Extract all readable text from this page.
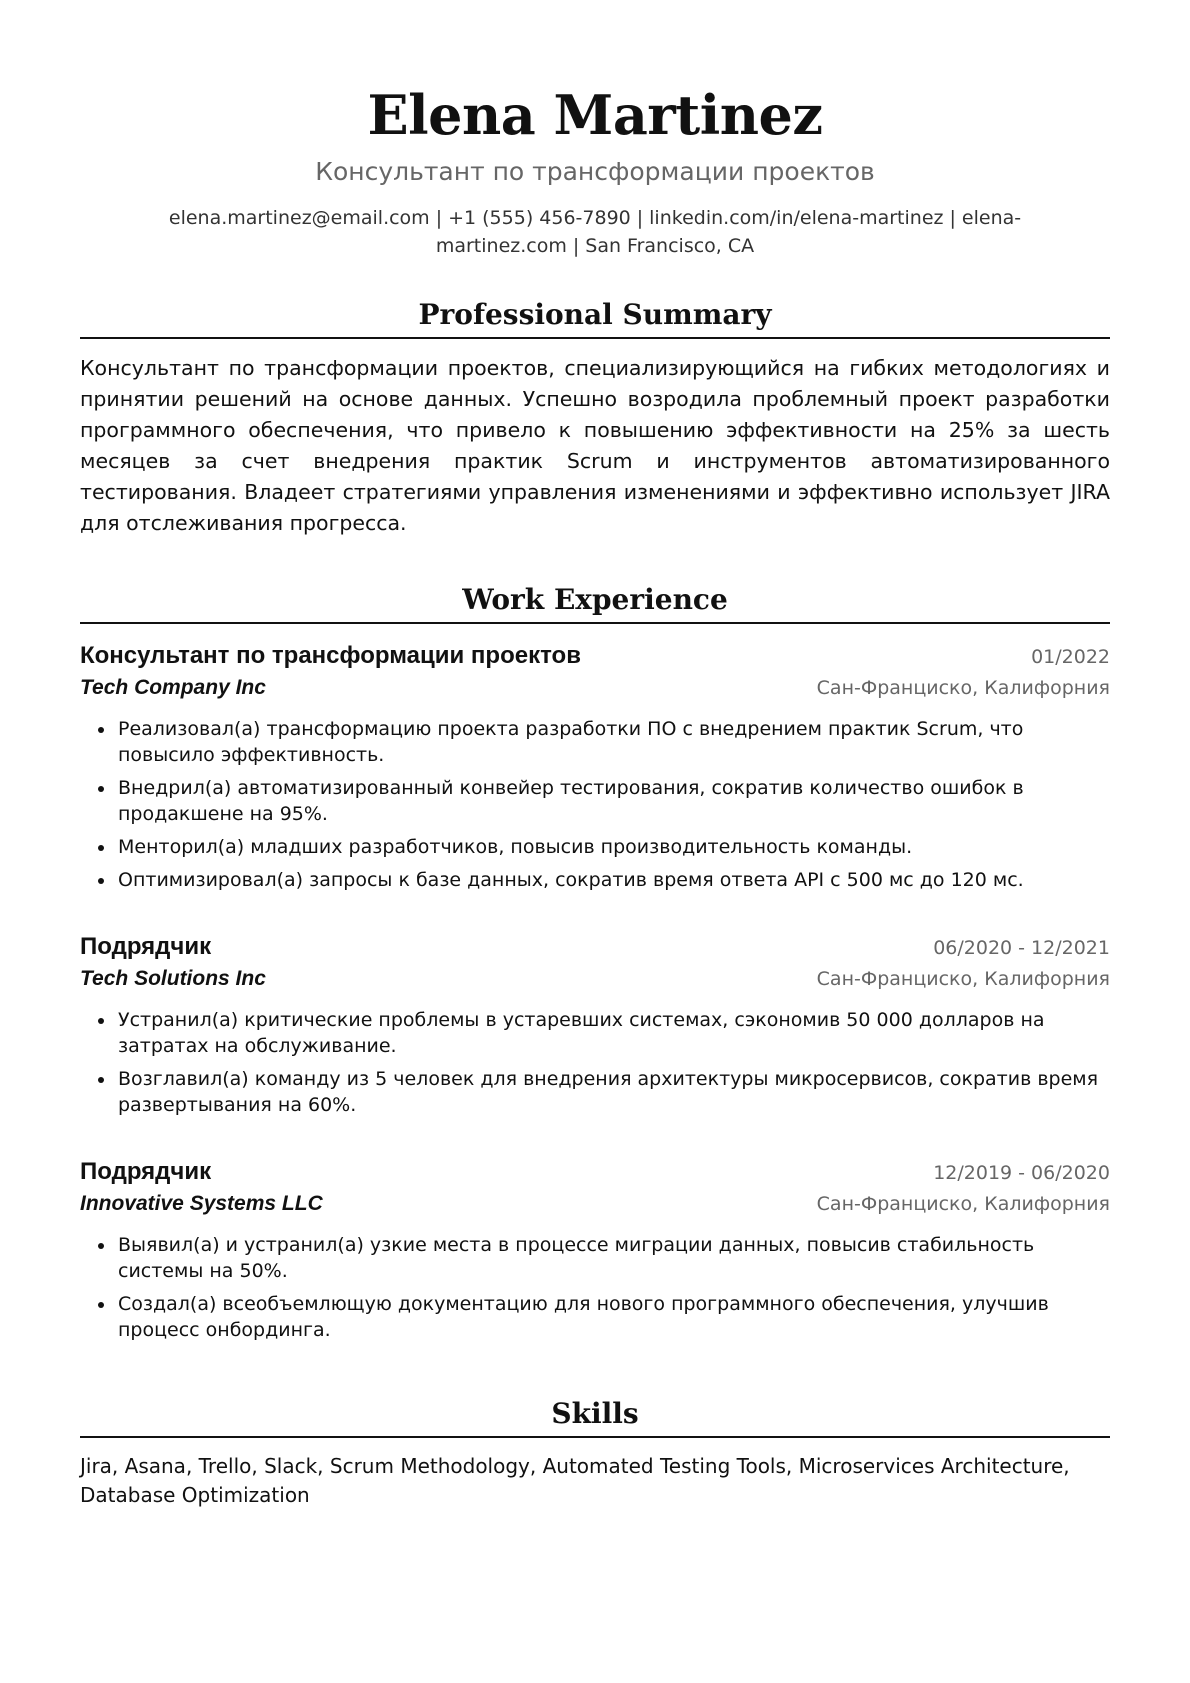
Elena Martinez
Консультант по трансформации проектов
elena.martinez@email.com | +1 (555) 456-7890 | linkedin.com/in/elena-martinez | elena-martinez.com | San Francisco, CA
Professional Summary
Консультант по трансформации проектов, специализирующийся на гибких методологиях и принятии решений на основе данных. Успешно возродила проблемный проект разработки программного обеспечения, что привело к повышению эффективности на 25% за шесть месяцев за счет внедрения практик Scrum и инструментов автоматизированного тестирования. Владеет стратегиями управления изменениями и эффективно использует JIRA для отслеживания прогресса.
Work Experience
Консультант по трансформации проектов	01/2022
Tech Company Inc	Сан-Франциско, Калифорния
• Реализовал(а) трансформацию проекта разработки ПО с внедрением практик Scrum, что повысило эффективность.
• Внедрил(а) автоматизированный конвейер тестирования, сократив количество ошибок в продакшене на 95%.
• Менторил(а) младших разработчиков, повысив производительность команды.
• Оптимизировал(а) запросы к базе данных, сократив время ответа API с 500 мс до 120 мс.
Подрядчик	06/2020 - 12/2021
Tech Solutions Inc	Сан-Франциско, Калифорния
• Устранил(а) критические проблемы в устаревших системах, сэкономив 50 000 долларов на затратах на обслуживание.
• Возглавил(а) команду из 5 человек для внедрения архитектуры микросервисов, сократив время развертывания на 60%.
Подрядчик	12/2019 - 06/2020
Innovative Systems LLC	Сан-Франциско, Калифорния
• Выявил(а) и устранил(а) узкие места в процессе миграции данных, повысив стабильность системы на 50%.
• Создал(а) всеобъемлющую документацию для нового программного обеспечения, улучшив процесс онбординга.
Skills
Jira, Asana, Trello, Slack, Scrum Methodology, Automated Testing Tools, Microservices Architecture, Database Optimization
